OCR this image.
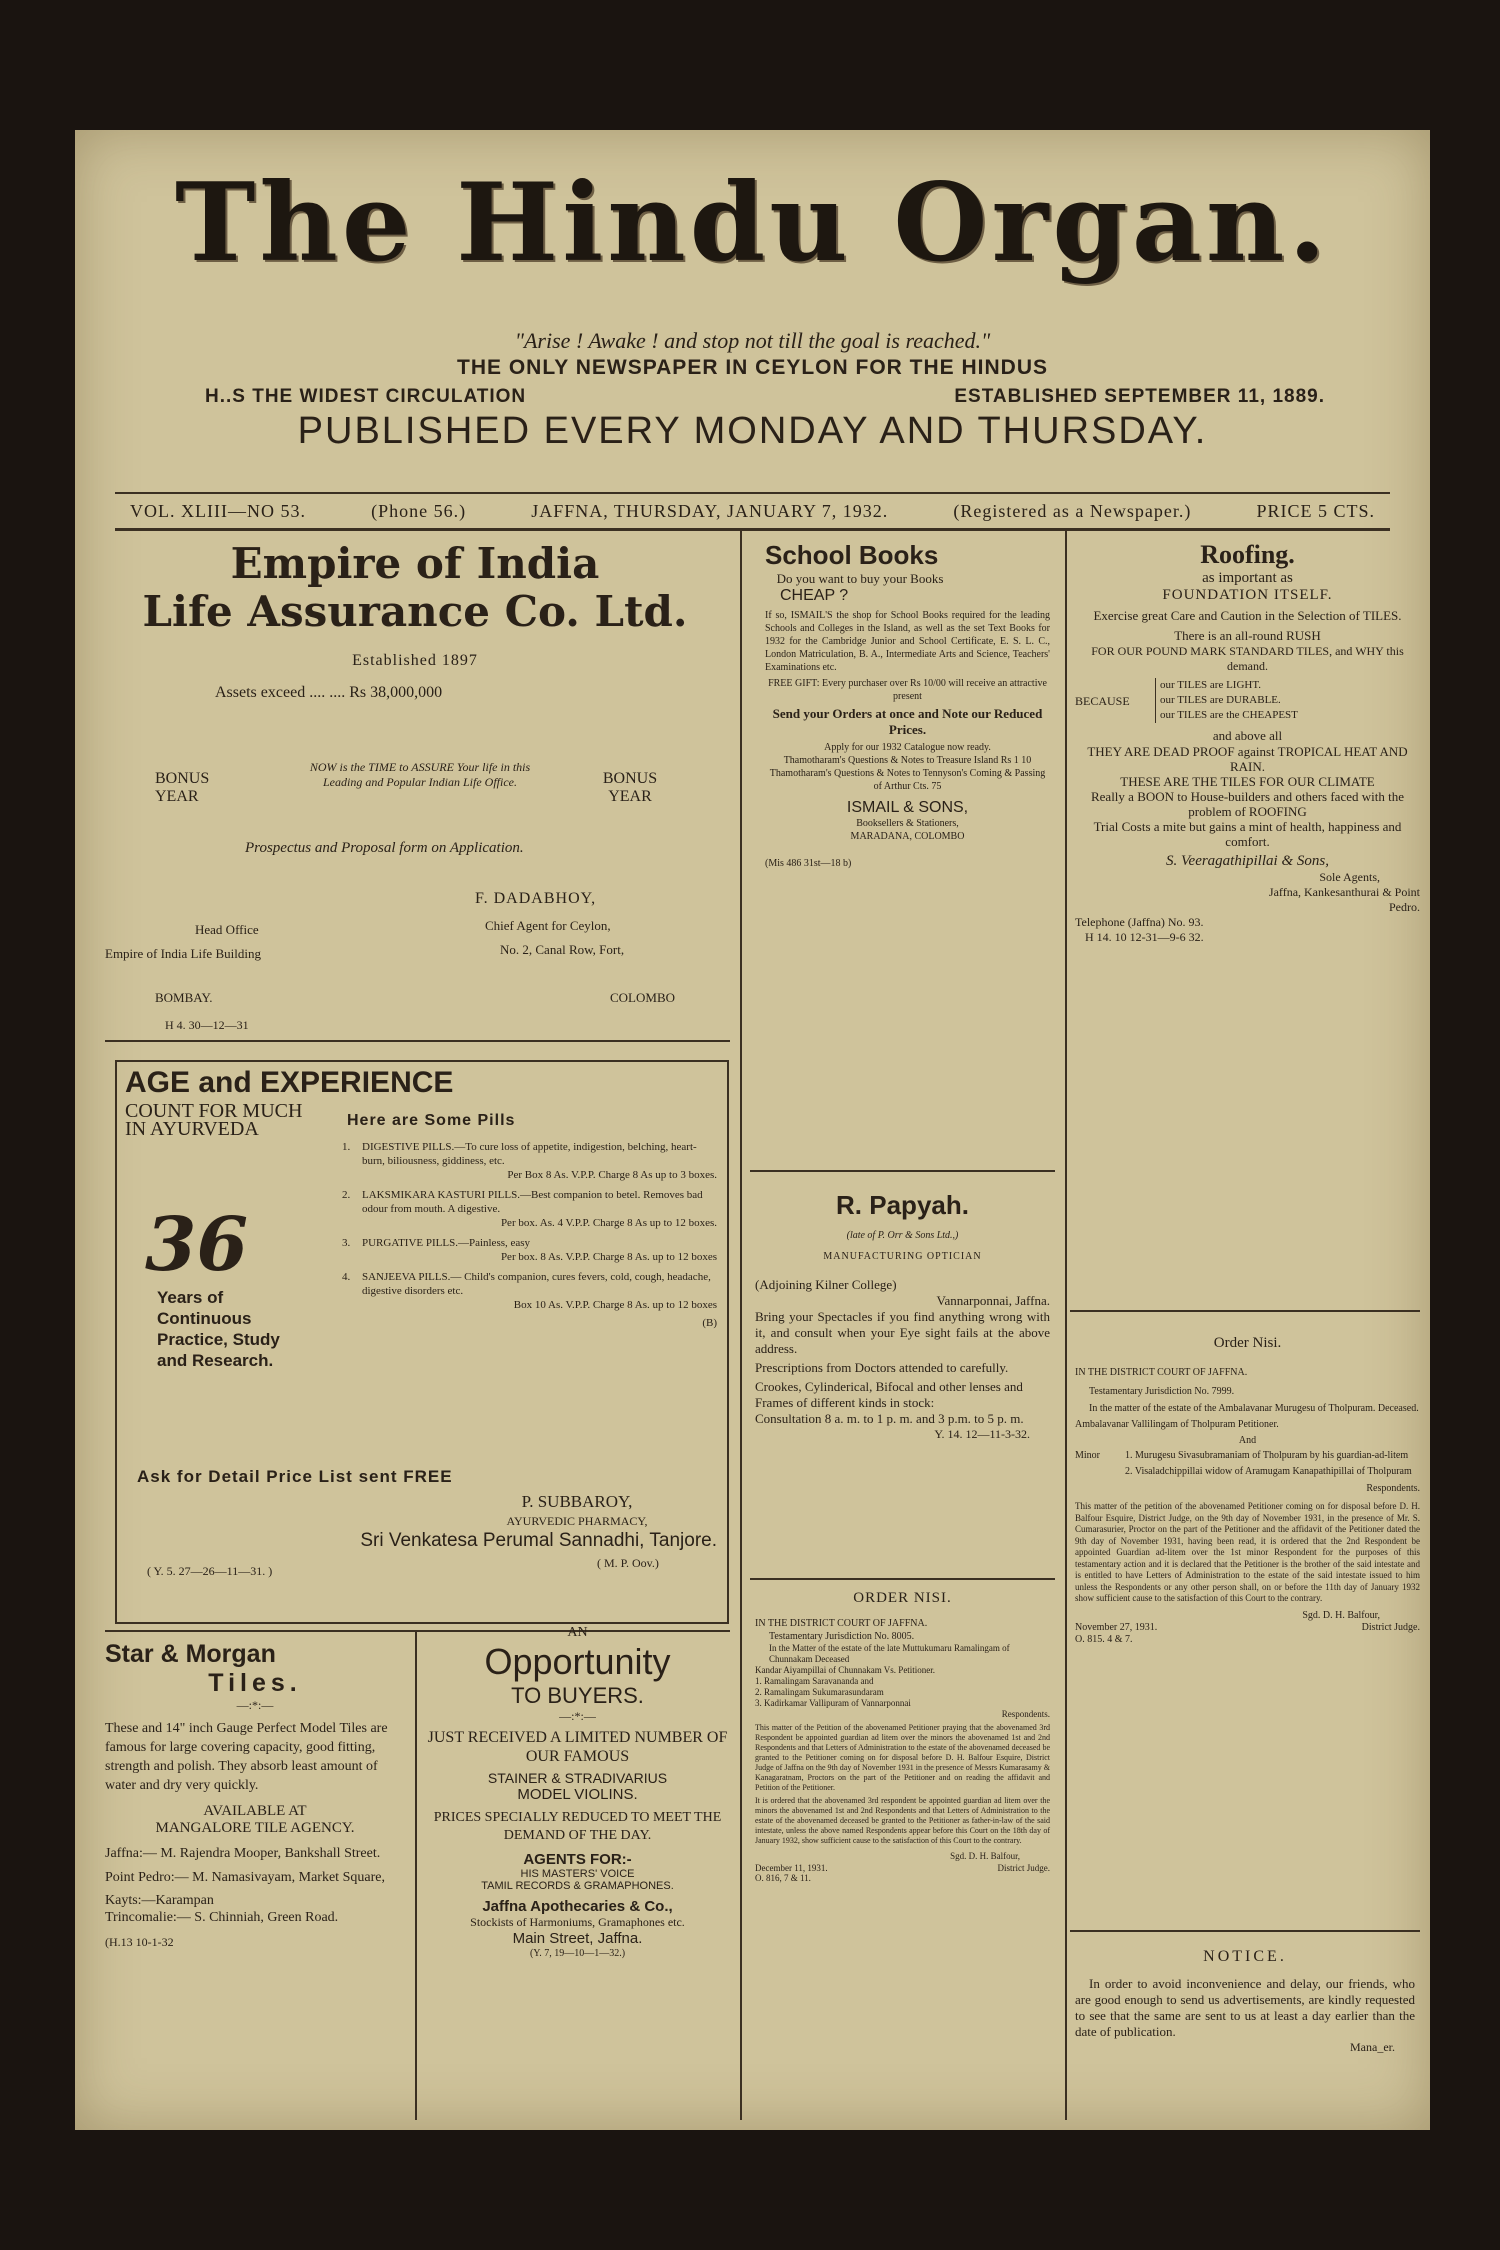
The Hindu Organ.
"Arise ! Awake ! and stop not till the goal is reached."
THE ONLY NEWSPAPER IN CEYLON FOR THE HINDUS
H..S THE WIDEST CIRCULATION	ESTABLISHED SEPTEMBER 11, 1889.
PUBLISHED EVERY MONDAY AND THURSDAY.
VOL. XLIII—NO 53.	(Phone 56.)	JAFFNA, THURSDAY, JANUARY 7, 1932.	(Registered as a Newspaper.)	PRICE 5 CTS.
Empire of India
Life Assurance Co. Ltd.
Established 1897
Assets exceed .... .... Rs 38,000,000
BONUS YEAR
NOW is the TIME to ASSURE Your life in this Leading and Popular Indian Life Office.	BONUS YEAR
Prospectus and Proposal form on Application.
F. DADABHOY,
Head Office	Chief Agent for Ceylon,
Empire of India Life Building	No. 2, Canal Row, Fort,
BOMBAY.	COLOMBO
H 4. 30—12—31
AGE and EXPERIENCE
COUNT FOR MUCH
IN AYURVEDA
36
Years of Continuous Practice, Study and Research.
Here are Some Pills
1.	DIGESTIVE PILLS.—To cure loss of appetite, indigestion, belching, heart-burn, biliousness, giddiness, etc.
Per Box 8 As. V.P.P. Charge 8 As up to 3 boxes.
2.	LAKSMIKARA KASTURI PILLS.—Best companion to betel. Removes bad odour from mouth. A digestive.
Per box. As. 4 V.P.P. Charge 8 As up to 12 boxes.
3.	PURGATIVE PILLS.—Painless, easy
Per box. 8 As. V.P.P. Charge 8 As. up to 12 boxes
4.	SANJEEVA PILLS.— Child's companion, cures fevers, cold, cough, headache, digestive disorders etc.
Box 10 As. V.P.P. Charge 8 As. up to 12 boxes
(B)
Ask for Detail Price List sent FREE
P. SUBBAROY,
AYURVEDIC PHARMACY,
Sri Venkatesa Perumal Sannadhi, Tanjore.
( M. P. Oov.)
( Y. 5. 27—26—11—31. )
Star & Morgan
Tiles.
—:*:—
These and 14" inch Gauge Perfect Model Tiles are famous for large covering capacity, good fitting, strength and polish. They absorb least amount of water and dry very quickly.
AVAILABLE AT
MANGALORE TILE AGENCY.
Jaffna:— M. Rajendra Mooper, Bankshall Street.
Point Pedro:— M. Namasivayam, Market Square,
Kayts:—Karampan
Trincomalie:— S. Chinniah, Green Road.
(H.13 10-1-32
AN
Opportunity
TO BUYERS.
—:*:—
JUST RECEIVED A LIMITED NUMBER OF OUR FAMOUS
STAINER & STRADIVARIUS
MODEL VIOLINS.
PRICES SPECIALLY REDUCED TO MEET THE DEMAND OF THE DAY.
AGENTS FOR:-
HIS MASTERS' VOICE
TAMIL RECORDS & GRAMAPHONES.
Jaffna Apothecaries & Co.,
Stockists of Harmoniums, Gramaphones etc.
Main Street, Jaffna.
(Y. 7, 19—10—1—32.)
School Books
Do you want to buy your Books
CHEAP ?
If so, ISMAIL'S the shop for School Books required for the leading Schools and Colleges in the Island, as well as the set Text Books for 1932 for the Cambridge Junior and School Certificate, E. S. L. C., London Matriculation, B. A., Intermediate Arts and Science, Teachers' Examinations etc.
FREE GIFT: Every purchaser over Rs 10/00 will receive an attractive present
Send your Orders at once and Note our Reduced Prices.
Apply for our 1932 Catalogue now ready.
Thamotharam's Questions & Notes to Treasure Island Rs 1 10
Thamotharam's Questions & Notes to Tennyson's Coming & Passing of Arthur Cts. 75
ISMAIL & SONS,
Booksellers & Stationers,
MARADANA, COLOMBO
(Mis 486 31st—18 b)
R. Papyah.
(late of P. Orr & Sons Ltd.,)
MANUFACTURING OPTICIAN
(Adjoining Kilner College)
Vannarponnai, Jaffna.
Bring your Spectacles if you find anything wrong with it, and consult when your Eye sight fails at the above address.
Prescriptions from Doctors attended to carefully.
Crookes, Cylinderical, Bifocal and other lenses and Frames of different kinds in stock:
Consultation 8 a. m. to 1 p. m. and 3 p.m. to 5 p. m.
Y. 14. 12—11-3-32.
ORDER NISI.
IN THE DISTRICT COURT OF JAFFNA.
Testamentary Jurisdiction No. 8005.
In the Matter of the estate of the late Muttukumaru Ramalingam of Chunnakam Deceased
Kandar Aiyampillai of Chunnakam Vs. Petitioner.
1. Ramalingam Saravananda and
2. Ramalingam Sukumarasundaram
3. Kadirkamar Vallipuram of Vannarponnai
Respondents.
This matter of the Petition of the abovenamed Petitioner praying that the abovenamed 3rd Respondent be appointed guardian ad litem over the minors the abovenamed 1st and 2nd Respondents and that Letters of Administration to the estate of the abovenamed deceased be granted to the Petitioner coming on for disposal before D. H. Balfour Esquire, District Judge of Jaffna on the 9th day of November 1931 in the presence of Messrs Kumarasamy & Kanagaratnam, Proctors on the part of the Petitioner and on reading the affidavit and Petition of the Petitioner.
It is ordered that the abovenamed 3rd respondent be appointed guardian ad litem over the minors the abovenamed 1st and 2nd Respondents and that Letters of Administration to the estate of the abovenamed deceased be granted to the Petitioner as father-in-law of the said intestate, unless the above named Respondents appear before this Court on the 18th day of January 1932, show sufficient cause to the satisfaction of this Court to the contrary.
Sgd. D. H. Balfour,
December 11, 1931.	District Judge.
O. 816, 7 & 11.
Roofing.
as important as
FOUNDATION ITSELF.
Exercise great Care and Caution in the Selection of TILES.
There is an all-round RUSH
FOR OUR POUND MARK STANDARD TILES, and WHY this demand.
BECAUSE
our TILES are LIGHT.
our TILES are DURABLE.
our TILES are the CHEAPEST
and above all
THEY ARE DEAD PROOF against TROPICAL HEAT AND RAIN.
THESE ARE THE TILES FOR OUR CLIMATE
Really a BOON to House-builders and others faced with the problem of ROOFING
Trial Costs a mite but gains a mint of health, happiness and comfort.
S. Veeragathipillai & Sons,
Sole Agents,
Jaffna, Kankesanthurai & Point Pedro.
Telephone (Jaffna) No. 93.
H 14. 10 12-31—9-6 32.
Order Nisi.
IN THE DISTRICT COURT OF JAFFNA.
Testamentary Jurisdiction No. 7999.
In the matter of the estate of the Ambalavanar Murugesu of Tholpuram. Deceased.
Ambalavanar Vallilingam of Tholpuram Petitioner.
And
Minor	1. Murugesu Sivasubramaniam of Tholpuram by his guardian-ad-litem
2. Visaladchippillai widow of Aramugam Kanapathipillai of Tholpuram
Respondents.
This matter of the petition of the abovenamed Petitioner coming on for disposal before D. H. Balfour Esquire, District Judge, on the 9th day of November 1931, in the presence of Mr. S. Cumarasurier, Proctor on the part of the Petitioner and the affidavit of the Petitioner dated the 9th day of November 1931, having been read, it is ordered that the 2nd Respondent be appointed Guardian ad-litem over the 1st minor Respondent for the purposes of this testamentary action and it is declared that the Petitioner is the brother of the said intestate and is entitled to have Letters of Administration to the estate of the said intestate issued to him unless the Respondents or any other person shall, on or before the 11th day of January 1932 show sufficient cause to the satisfaction of this Court to the contrary.
Sgd. D. H. Balfour,
November 27, 1931.	District Judge.
O. 815. 4 & 7.
NOTICE.
In order to avoid inconvenience and delay, our friends, who are good enough to send us advertisements, are kindly requested to see that the same are sent to us at least a day earlier than the date of publication.
Mana_er.
